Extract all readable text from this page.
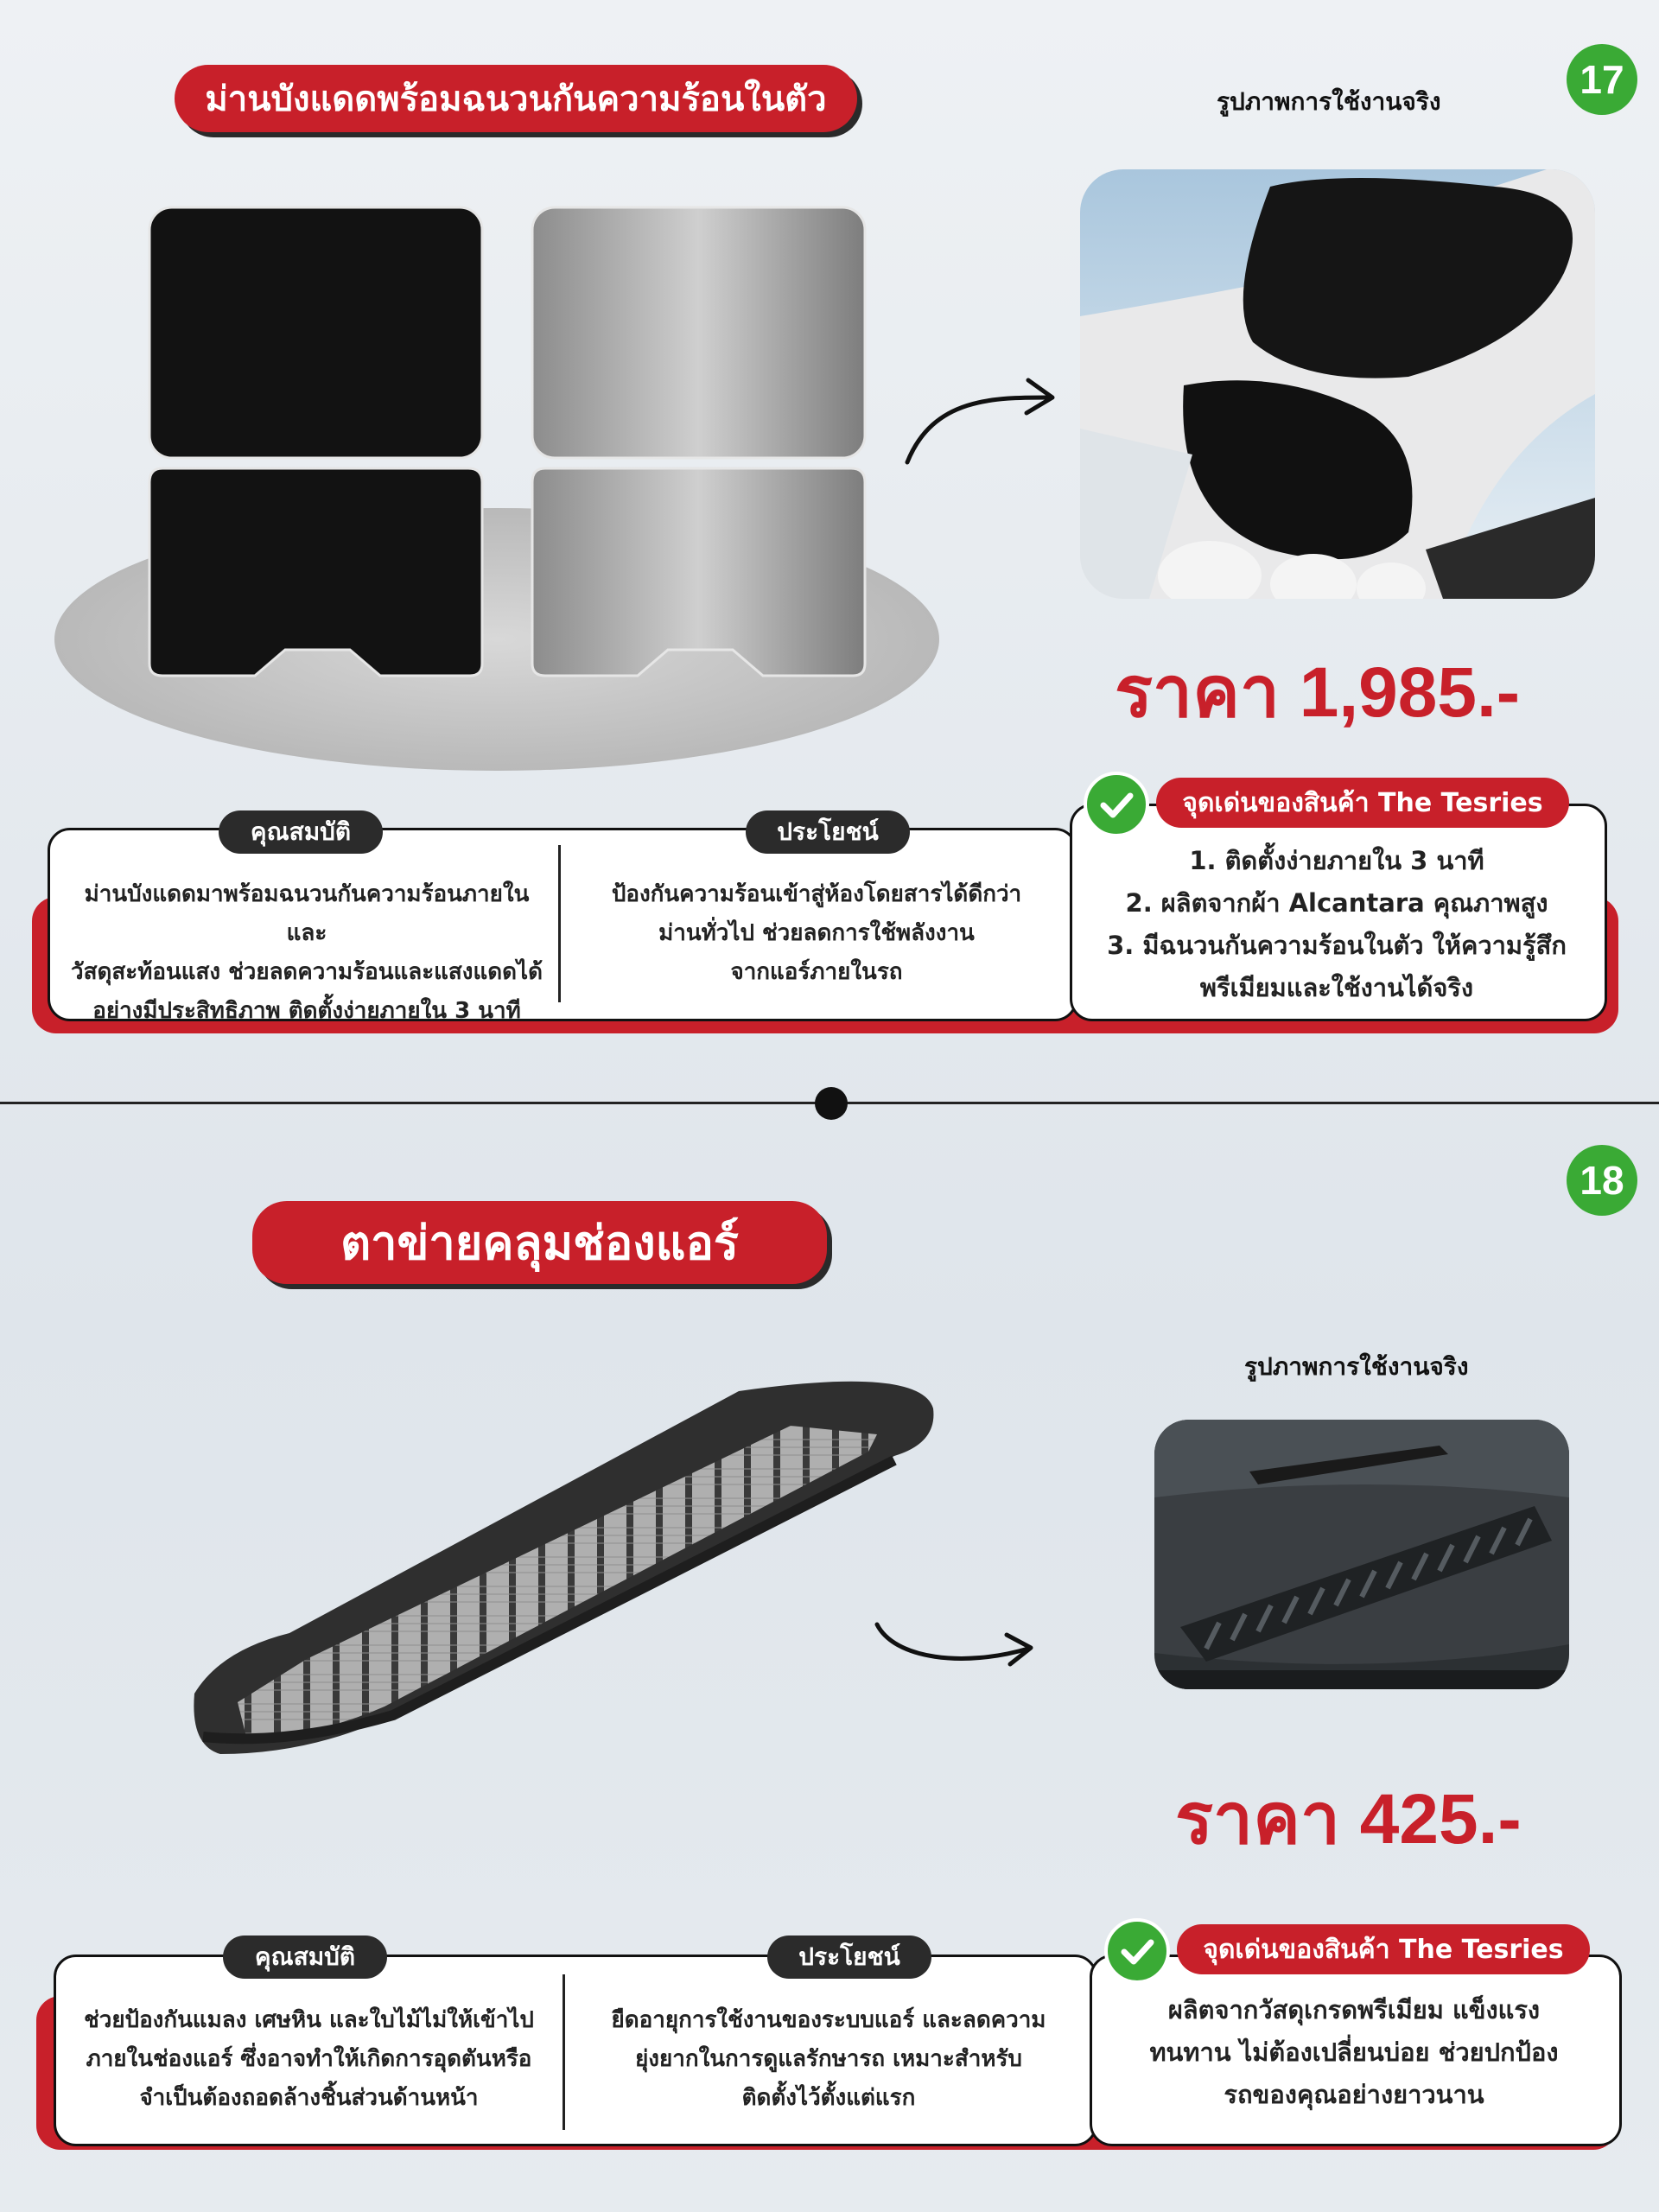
17
ม่านบังแดดพร้อมฉนวนกันความร้อนในตัว	รูปภาพการใช้งานจริง
ราคา 1,985.-
คุณสมบัติ	ประโยชน์
จุดเด่นของสินค้า The Tesries
ม่านบังแดดมาพร้อมฉนวนกันความร้อนภายใน และ
วัสดุสะท้อนแสง ช่วยลดความร้อนและแสงแดดได้
อย่างมีประสิทธิภาพ ติดตั้งง่ายภายใน 3 นาที
ป้องกันความร้อนเข้าสู่ห้องโดยสารได้ดีกว่า
ม่านทั่วไป ช่วยลดการใช้พลังงาน
จากแอร์ภายในรถ
1. ติดตั้งง่ายภายใน 3 นาที
2. ผลิตจากผ้า Alcantara คุณภาพสูง
3. มีฉนวนกันความร้อนในตัว ให้ความรู้สึก
พรีเมียมและใช้งานได้จริง
18
ตาข่ายคลุมช่องแอร์
รูปภาพการใช้งานจริง
ราคา 425.-
คุณสมบัติ	ประโยชน์	จุดเด่นของสินค้า The Tesries
ช่วยป้องกันแมลง เศษหิน และใบไม้ไม่ให้เข้าไป
ภายในช่องแอร์ ซึ่งอาจทำให้เกิดการอุดตันหรือ
จำเป็นต้องถอดล้างชิ้นส่วนด้านหน้า
ยืดอายุการใช้งานของระบบแอร์ และลดความ
ยุ่งยากในการดูแลรักษารถ เหมาะสำหรับ
ติดตั้งไว้ตั้งแต่แรก
ผลิตจากวัสดุเกรดพรีเมียม แข็งแรง
ทนทาน ไม่ต้องเปลี่ยนบ่อย ช่วยปกป้อง
รถของคุณอย่างยาวนาน
